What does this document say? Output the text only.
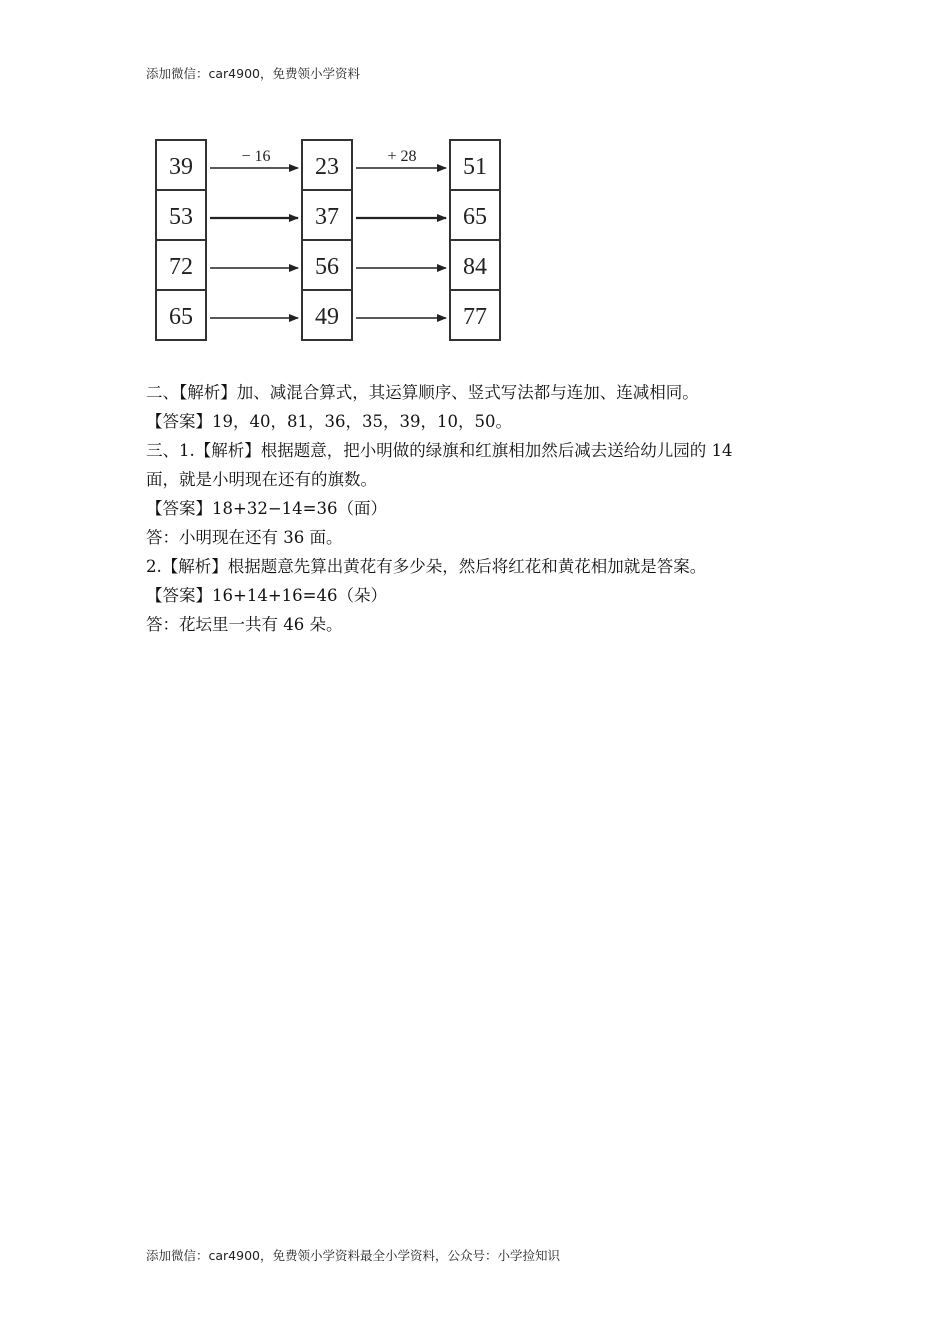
添加微信：car4900，免费领小学资料
39
53
72
65
23
37
56
49
51
65
84
77
− 16	+ 28

二、【解析】加、减混合算式，其运算顺序、竖式写法都与连加、连减相同。

【答案】19，40，81，36，35，39，10，50。

三、1.【解析】根据题意，把小明做的绿旗和红旗相加然后减去送给幼儿园的 14

面，就是小明现在还有的旗数。

【答案】18+32−14=36（面）

答：小明现在还有 36 面。

2.【解析】根据题意先算出黄花有多少朵，然后将红花和黄花相加就是答案。

【答案】16+14+16=46（朵）

答：花坛里一共有 46 朵。

添加微信：car4900，免费领小学资料最全小学资料，公众号：小学捡知识
